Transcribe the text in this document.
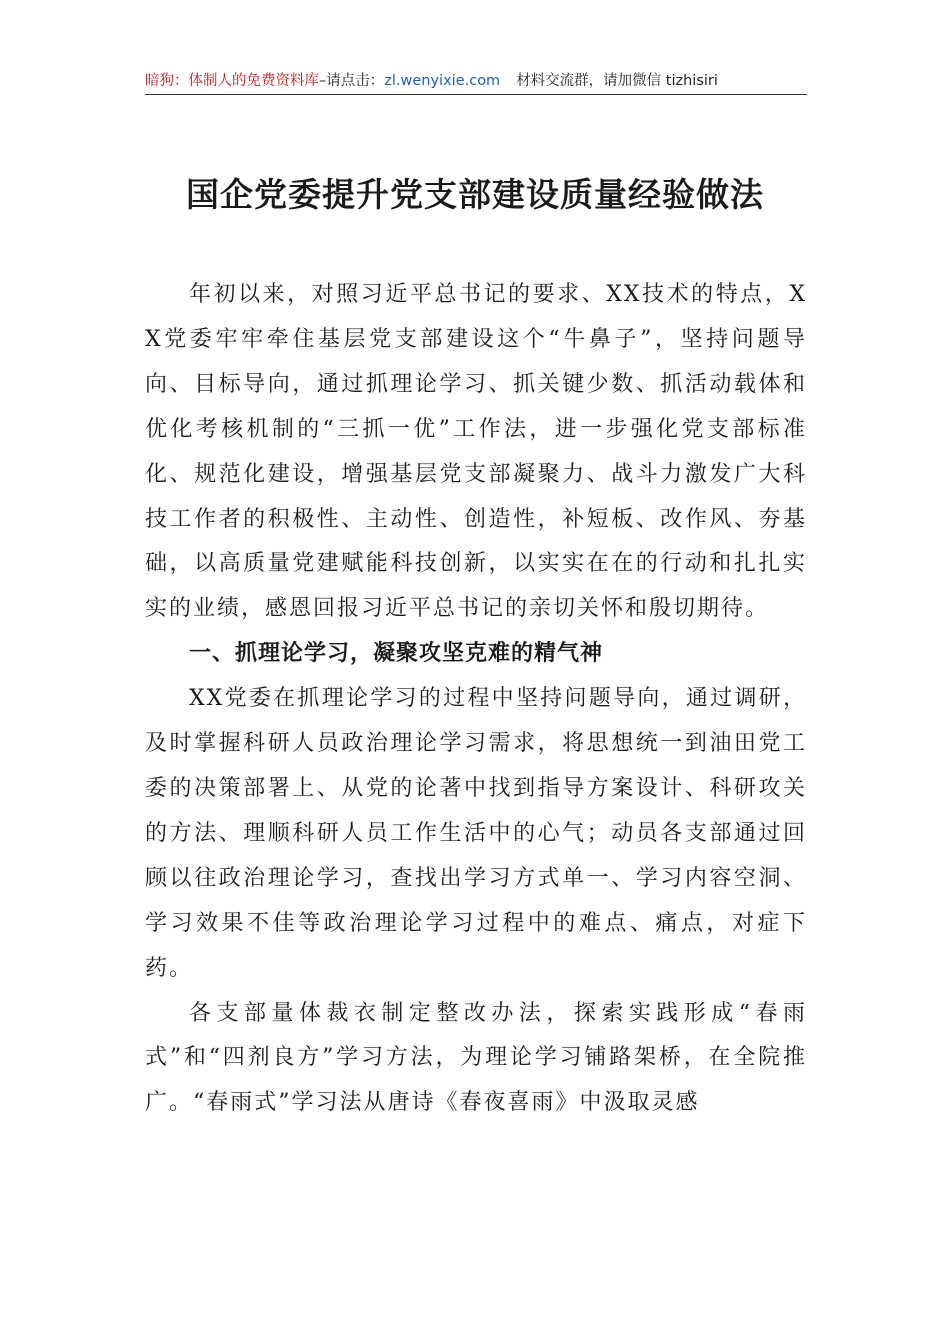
暗狗：体制人的免费资料库–请点击：zl.wenyixie.com 材料交流群，请加微信 tizhisiri
国企党委提升党支部建设质量经验做法

年初以来，对照习近平总书记的要求、XX技术的特点，XX党委牢牢牵住基层党支部建设这个“牛鼻子”，坚持问题导向、目标导向，通过抓理论学习、抓关键少数、抓活动载体和优化考核机制的“三抓一优”工作法，进一步强化党支部标准化、规范化建设，增强基层党支部凝聚力、战斗力激发广大科技工作者的积极性、主动性、创造性，补短板、改作风、夯基础，以高质量党建赋能科技创新，以实实在在的行动和扎扎实实的业绩，感恩回报习近平总书记的亲切关怀和殷切期待。

一、抓理论学习，凝聚攻坚克难的精气神

XX党委在抓理论学习的过程中坚持问题导向，通过调研，及时掌握科研人员政治理论学习需求，将思想统一到油田党工委的决策部署上、从党的论著中找到指导方案设计、科研攻关的方法、理顺科研人员工作生活中的心气；动员各支部通过回顾以往政治理论学习，查找出学习方式单一、学习内容空洞、学习效果不佳等政治理论学习过程中的难点、痛点，对症下药。

各支部量体裁衣制定整改办法，探索实践形成“春雨式”和“四剂良方”学习方法，为理论学习铺路架桥，在全院推广。“春雨式”学习法从唐诗《春夜喜雨》中汲取灵感
